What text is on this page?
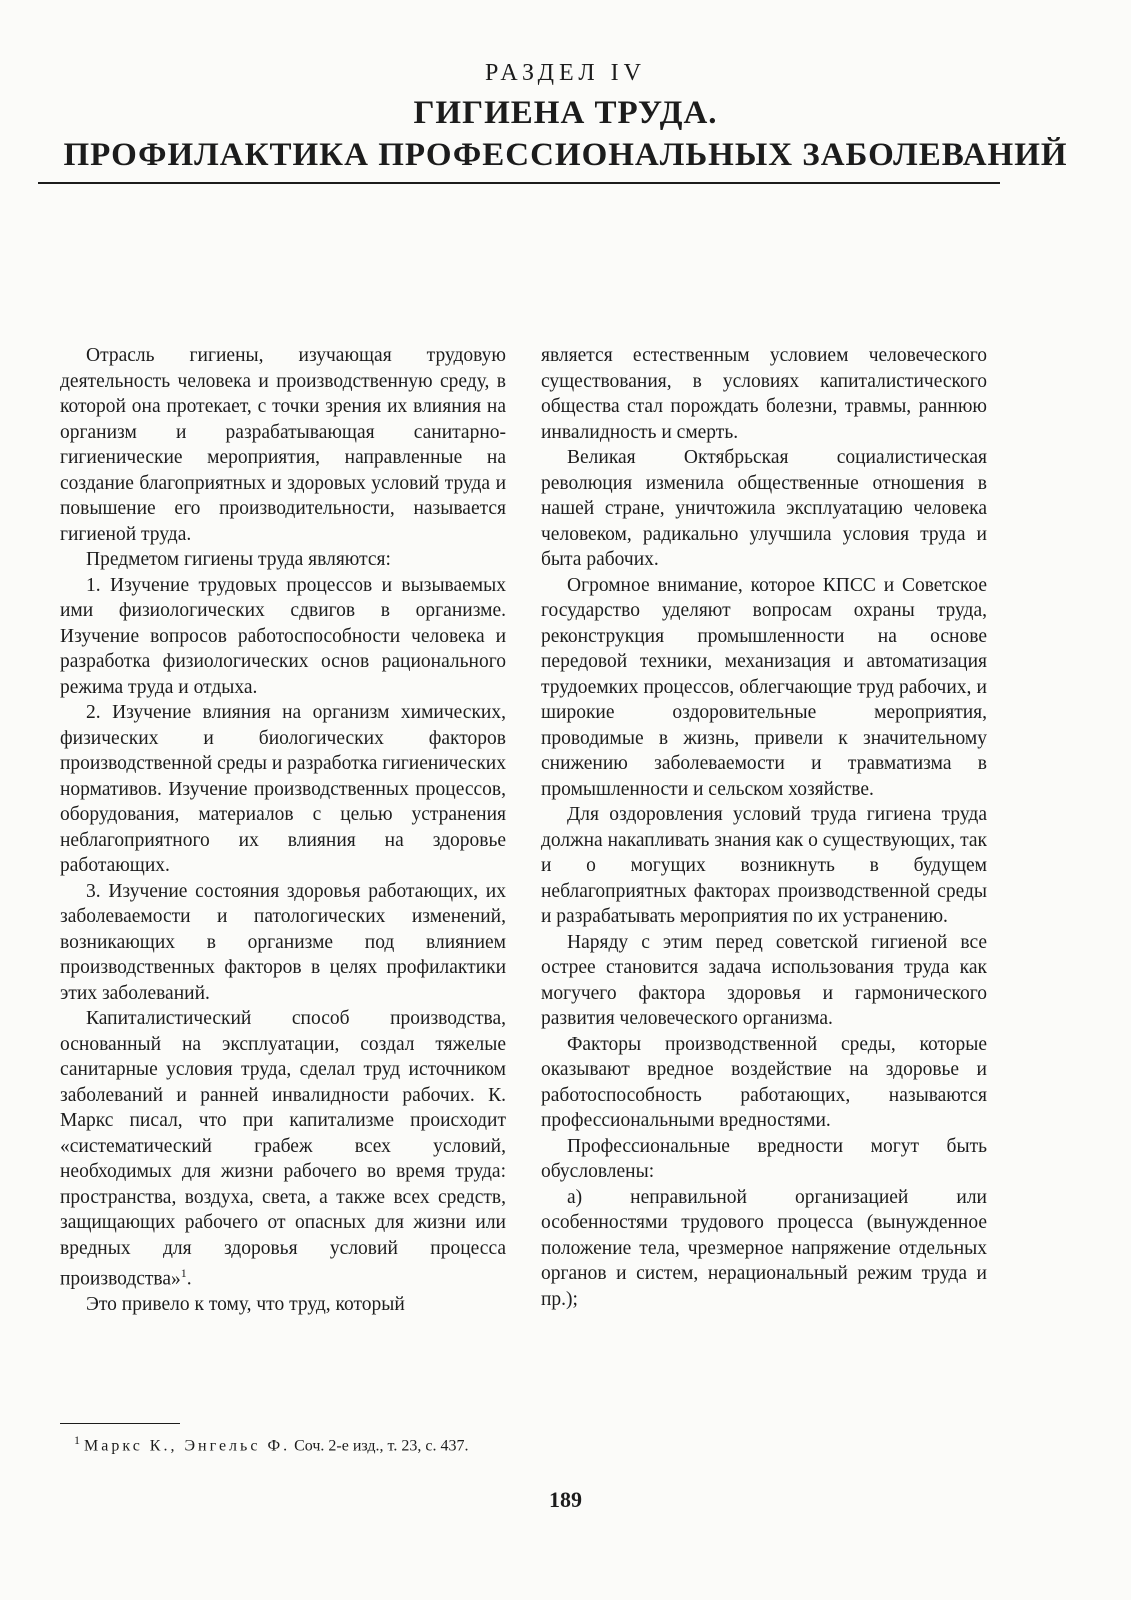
РАЗДЕЛ IV
ГИГИЕНА ТРУДА.
ПРОФИЛАКТИКА ПРОФЕССИОНАЛЬНЫХ ЗАБОЛЕВАНИЙ

Отрасль гигиены, изучающая трудовую деятельность человека и производственную среду, в которой она протекает, с точки зрения их влияния на организм и разрабатывающая санитарно-гигиенические мероприятия, направленные на создание благоприятных и здоровых условий труда и повышение его производительности, называется гигиеной труда.

Предметом гигиены труда являются:

1. Изучение трудовых процессов и вызываемых ими физиологических сдвигов в организме. Изучение вопросов работоспособности человека и разработка физиологических основ рационального режима труда и отдыха.

2. Изучение влияния на организм химических, физических и биологических факторов производственной среды и разработка гигиенических нормативов. Изучение производственных процессов, оборудования, материалов с целью устранения неблагоприятного их влияния на здоровье работающих.

3. Изучение состояния здоровья работающих, их заболеваемости и патологических изменений, возникающих в организме под влиянием производственных факторов в целях профилактики этих заболеваний.

Капиталистический способ производства, основанный на эксплуатации, создал тяжелые санитарные условия труда, сделал труд источником заболеваний и ранней инвалидности рабочих. К. Маркс писал, что при капитализме происходит «систематический грабеж всех условий, необходимых для жизни рабочего во время труда: пространства, воздуха, света, а также всех средств, защищающих рабочего от опасных для жизни или вредных для здоровья условий процесса производства»$^1$.

Это привело к тому, что труд, который

является естественным условием человеческого существования, в условиях капиталистического общества стал порождать болезни, травмы, раннюю инвалидность и смерть.

Великая Октябрьская социалистическая революция изменила общественные отношения в нашей стране, уничтожила эксплуатацию человека человеком, радикально улучшила условия труда и быта рабочих.

Огромное внимание, которое КПСС и Советское государство уделяют вопросам охраны труда, реконструкция промышленности на основе передовой техники, механизация и автоматизация трудоемких процессов, облегчающие труд рабочих, и широкие оздоровительные мероприятия, проводимые в жизнь, привели к значительному снижению заболеваемости и травматизма в промышленности и сельском хозяйстве.

Для оздоровления условий труда гигиена труда должна накапливать знания как о существующих, так и о могущих возникнуть в будущем неблагоприятных факторах производственной среды и разрабатывать мероприятия по их устранению.

Наряду с этим перед советской гигиеной все острее становится задача использования труда как могучего фактора здоровья и гармонического развития человеческого организма.

Факторы производственной среды, которые оказывают вредное воздействие на здоровье и работоспособность работающих, называются профессиональными вредностями.

Профессиональные вредности могут быть обусловлены:

а) неправильной организацией или особенностями трудового процесса (вынужденное положение тела, чрезмерное напряжение отдельных органов и систем, нерациональный режим труда и пр.);

$^1$ Маркс К., Энгельс Ф. Соч. 2-е изд., т. 23, с. 437.
189
